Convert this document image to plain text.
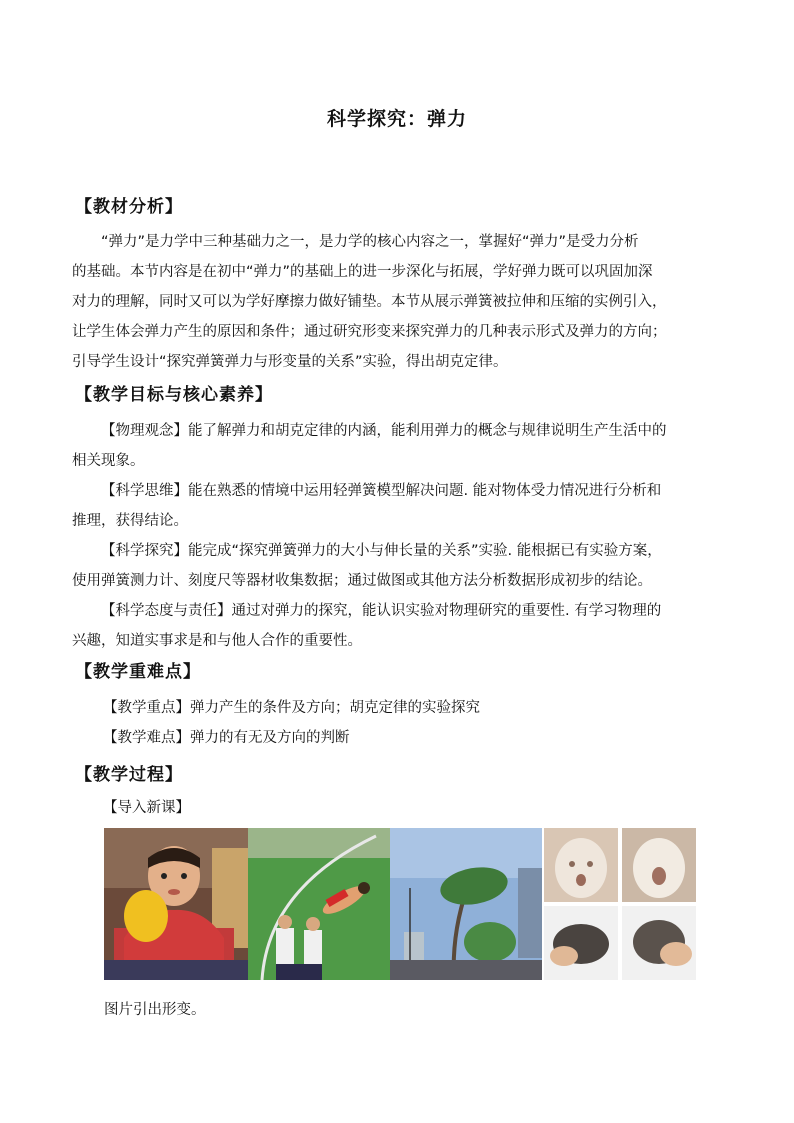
科学探究：弹力
【教材分析】
“弹力”是力学中三种基础力之一，是力学的核心内容之一，掌握好“弹力”是受力分析
的基础。本节内容是在初中“弹力”的基础上的进一步深化与拓展，学好弹力既可以巩固加深
对力的理解，同时又可以为学好摩擦力做好铺垫。本节从展示弹簧被拉伸和压缩的实例引入，
让学生体会弹力产生的原因和条件；通过研究形变来探究弹力的几种表示形式及弹力的方向；
引导学生设计“探究弹簧弹力与形变量的关系”实验，得出胡克定律。
【教学目标与核心素养】
【物理观念】能了解弹力和胡克定律的内涵，能利用弹力的概念与规律说明生产生活中的
相关现象。
【科学思维】能在熟悉的情境中运用轻弹簧模型解决问题. 能对物体受力情况进行分析和
推理，获得结论。
【科学探究】能完成“探究弹簧弹力的大小与伸长量的关系”实验. 能根据已有实验方案，
使用弹簧测力计、刻度尺等器材收集数据；通过做图或其他方法分析数据形成初步的结论。
【科学态度与责任】通过对弹力的探究，能认识实验对物理研究的重要性. 有学习物理的
兴趣，知道实事求是和与他人合作的重要性。
【教学重难点】
【教学重点】弹力产生的条件及方向；胡克定律的实验探究
【教学难点】弹力的有无及方向的判断
【教学过程】
【导入新课】
图片引出形变。
